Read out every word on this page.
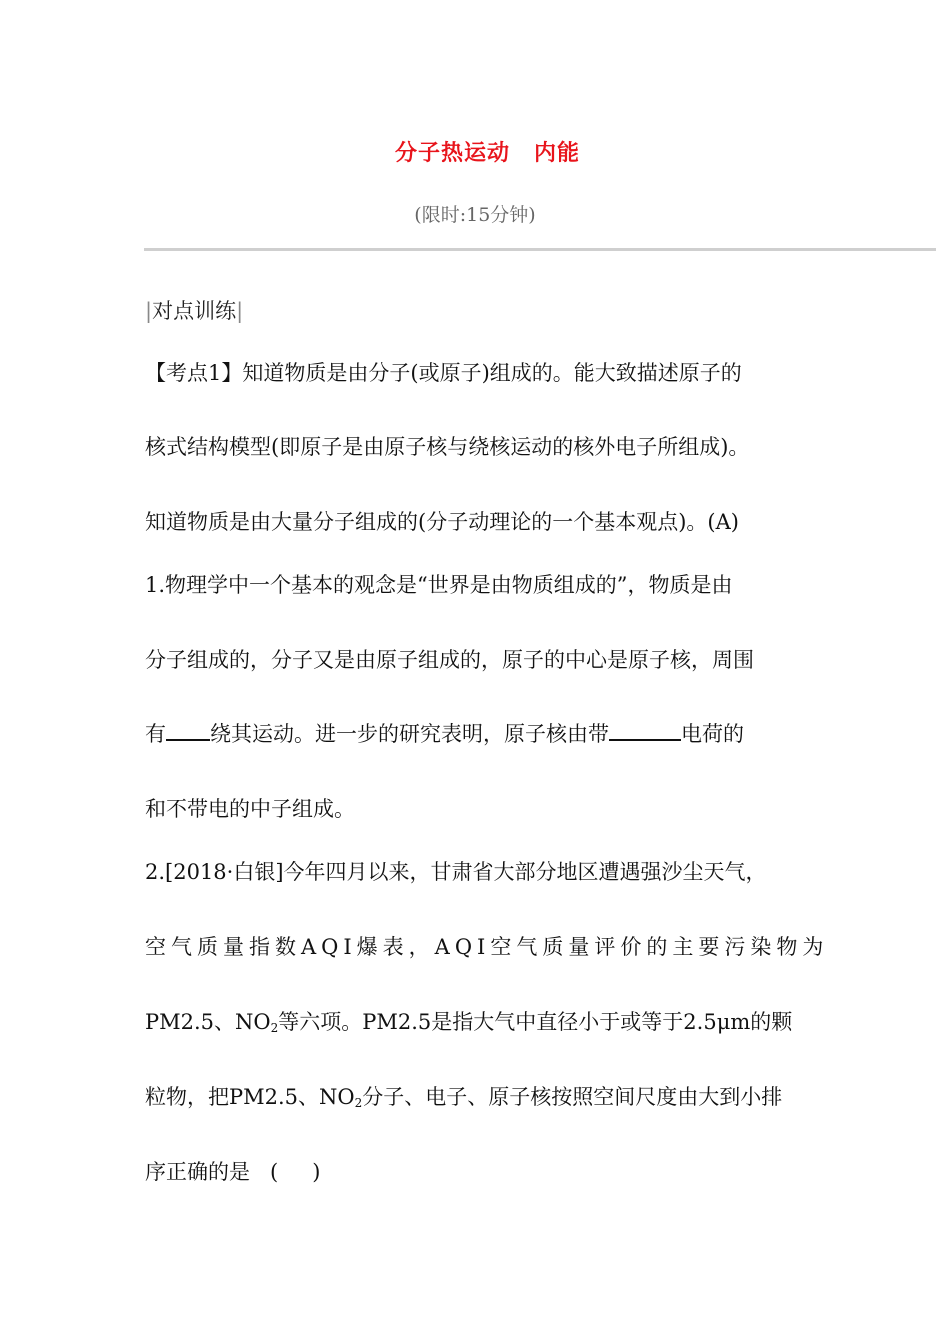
分子热运动 内能
(限时:15分钟)
|对点训练|
【考点1】知道物质是由分子(或原子)组成的。能大致描述原子的
核式结构模型(即原子是由原子核与绕核运动的核外电子所组成)。
知道物质是由大量分子组成的(分子动理论的一个基本观点)。(A)
1.物理学中一个基本的观念是“世界是由物质组成的”，物质是由
分子组成的，分子又是由原子组成的，原子的中心是原子核，周围
有 绕其运动。进一步的研究表明，原子核由带	电荷的
和不带电的中子组成。
2.[2018·白银]今年四月以来，甘肃省大部分地区遭遇强沙尘天气，
空气质量指数AQI爆表，AQI空气质量评价的主要污染物为
PM2.5、$NO_2$等六项。PM2.5是指大气中直径小于或等于2.5μm的颗
粒物，把PM2.5、$NO_2$分子、电子、原子核按照空间尺度由大到小排
序正确的是 ( )
